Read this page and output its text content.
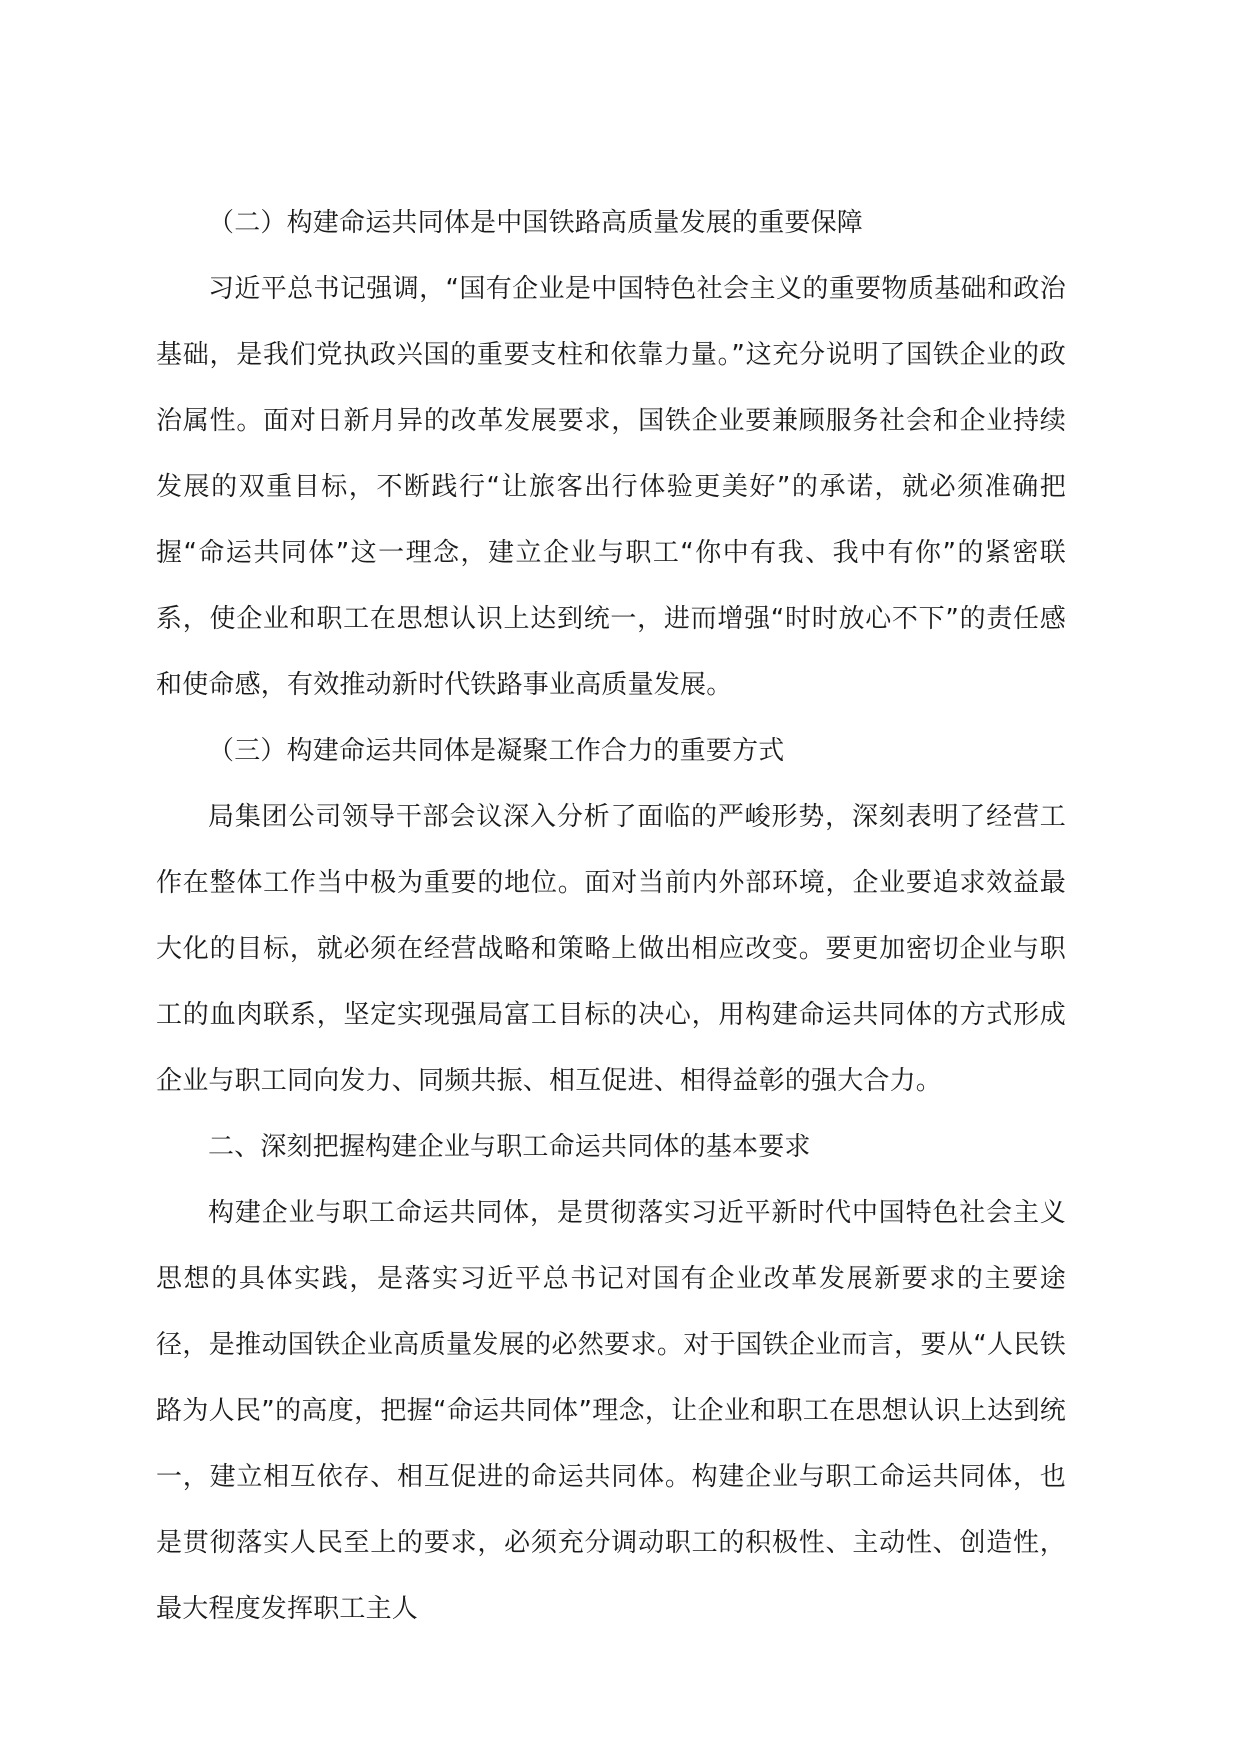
（二）构建命运共同体是中国铁路高质量发展的重要保障

习近平总书记强调，“国有企业是中国特色社会主义的重要物质基础和政治基础，是我们党执政兴国的重要支柱和依靠力量。”这充分说明了国铁企业的政治属性。面对日新月异的改革发展要求，国铁企业要兼顾服务社会和企业持续发展的双重目标，不断践行“让旅客出行体验更美好”的承诺，就必须准确把握“命运共同体”这一理念，建立企业与职工“你中有我、我中有你”的紧密联系，使企业和职工在思想认识上达到统一，进而增强“时时放心不下”的责任感和使命感，有效推动新时代铁路事业高质量发展。

（三）构建命运共同体是凝聚工作合力的重要方式

局集团公司领导干部会议深入分析了面临的严峻形势，深刻表明了经营工作在整体工作当中极为重要的地位。面对当前内外部环境，企业要追求效益最大化的目标，就必须在经营战略和策略上做出相应改变。要更加密切企业与职工的血肉联系，坚定实现强局富工目标的决心，用构建命运共同体的方式形成企业与职工同向发力、同频共振、相互促进、相得益彰的强大合力。

二、深刻把握构建企业与职工命运共同体的基本要求

构建企业与职工命运共同体，是贯彻落实习近平新时代中国特色社会主义思想的具体实践，是落实习近平总书记对国有企业改革发展新要求的主要途径，是推动国铁企业高质量发展的必然要求。对于国铁企业而言，要从“人民铁路为人民”的高度，把握“命运共同体”理念，让企业和职工在思想认识上达到统一，建立相互依存、相互促进的命运共同体。构建企业与职工命运共同体，也是贯彻落实人民至上的要求，必须充分调动职工的积极性、主动性、创造性，最大程度发挥职工主人
